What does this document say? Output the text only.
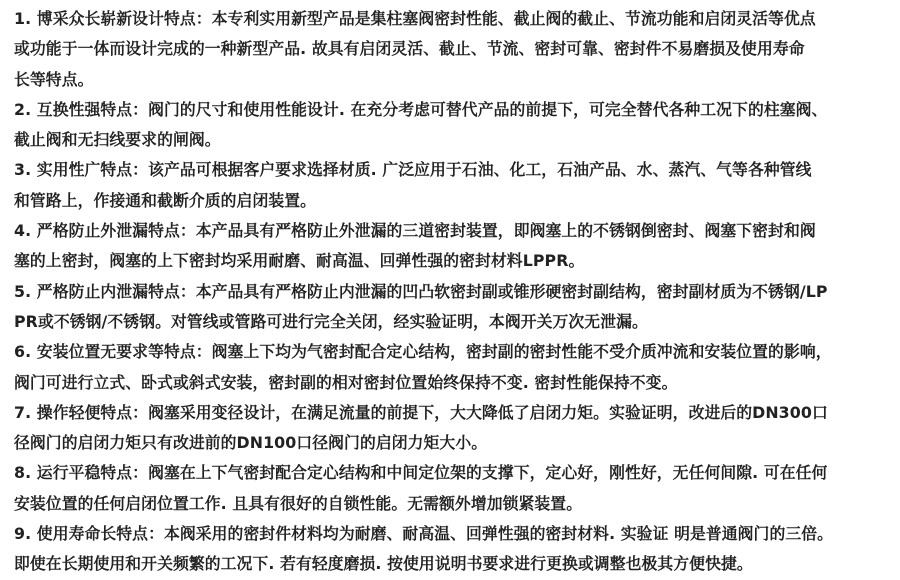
1. 博采众长崭新设计特点：本专利实用新型产品是集柱塞阀密封性能、截止阀的截止、节流功能和启闭灵活等优点
或功能于一体而设计完成的一种新型产品. 故具有启闭灵活、截止、节流、密封可靠、密封件不易磨损及使用寿命
长等特点。
2. 互换性强特点：阀门的尺寸和使用性能设计. 在充分考虑可替代产品的前提下，可完全替代各种工况下的柱塞阀、
截止阀和无扫线要求的闸阀。
3. 实用性广特点：该产品可根据客户要求选择材质. 广泛应用于石油、化工，石油产品、水、蒸汽、气等各种管线
和管路上，作接通和截断介质的启闭装置。
4. 严格防止外泄漏特点：本产品具有严格防止外泄漏的三道密封装置，即阀塞上的不锈钢倒密封、阀塞下密封和阀
塞的上密封，阀塞的上下密封均采用耐磨、耐高温、回弹性强的密封材料LPPR。
5. 严格防止内泄漏特点：本产品具有严格防止内泄漏的凹凸软密封副或锥形硬密封副结构，密封副材质为不锈钢/LP
PR或不锈钢/不锈钢。对管线或管路可进行完全关闭，经实验证明，本阀开关万次无泄漏。
6. 安装位置无要求等特点：阀塞上下均为气密封配合定心结构，密封副的密封性能不受介质冲流和安装位置的影响，
阀门可进行立式、卧式或斜式安装，密封副的相对密封位置始终保持不变. 密封性能保持不变。
7. 操作轻便特点：阀塞采用变径设计，在满足流量的前提下，大大降低了启闭力矩。实验证明，改进后的DN300口
径阀门的启闭力矩只有改进前的DN100口径阀门的启闭力矩大小。
8. 运行平稳特点：阀塞在上下气密封配合定心结构和中间定位架的支撑下，定心好，刚性好，无任何间隙. 可在任何
安装位置的任何启闭位置工作. 且具有很好的自锁性能。无需额外增加锁紧装置。
9. 使用寿命长特点：本阀采用的密封件材料均为耐磨、耐高温、回弹性强的密封材料. 实验证 明是普通阀门的三倍。
即使在长期使用和开关频繁的工况下. 若有轻度磨损. 按使用说明书要求进行更换或调整也极其方便快捷。
